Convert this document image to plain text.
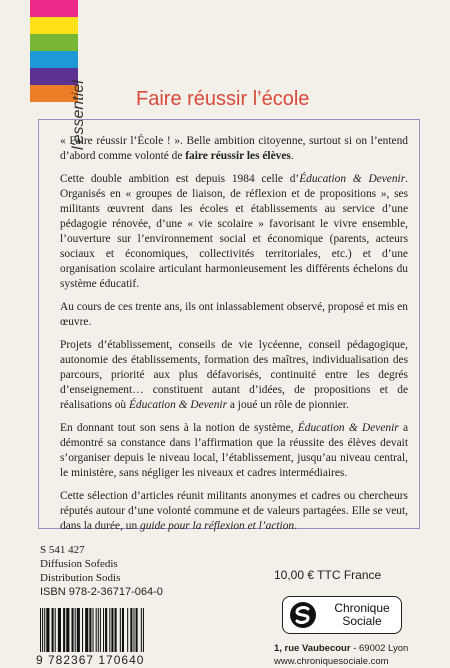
l'essentiel Faire réussir l’école

« Faire réussir l’École ! ». Belle ambition citoyenne, surtout si on l’entend d’abord comme volonté de faire réussir les élèves.

Cette double ambition est depuis 1984 celle d’Éducation & Devenir. Organisés en « groupes de liaison, de réflexion et de propositions », ses militants œuvrent dans les écoles et établissements au service d’une pédagogie rénovée, d’une « vie scolaire » favorisant le vivre ensemble, l’ouverture sur l’environnement social et économique (parents, acteurs sociaux et économiques, collectivités territoriales, etc.) et d’une organisation scolaire articulant harmonieusement les différents échelons du système éducatif.

Au cours de ces trente ans, ils ont inlassablement observé, proposé et mis en œuvre.

Projets d’établissement, conseils de vie lycéenne, conseil pédagogique, autonomie des établissements, formation des maîtres, individualisation des parcours, priorité aux plus défavorisés, continuité entre les degrés d’enseignement… constituent autant d’idées, de propositions et de réalisations où Éducation & Devenir a joué un rôle de pionnier.

En donnant tout son sens à la notion de système, Éducation & Devenir a démontré sa constance dans l’affirmation que la réussite des élèves devait s’organiser depuis le niveau local, l’établissement, jusqu’au niveau central, le ministère, sans négliger les niveaux et cadres intermédiaires.

Cette sélection d’articles réunit militants anonymes et cadres ou chercheurs réputés autour d’une volonté commune et de valeurs partagées. Elle se veut, dans la durée, un guide pour la réflexion et l’action.

S 541 427
Diffusion Sofedis
Distribution Sodis
ISBN 978-2-36717-064-0
9 782367 170640
10,00 € TTC France
Chronique
Sociale
1, rue Vaubecour - 69002 Lyon
www.chroniquesociale.com
